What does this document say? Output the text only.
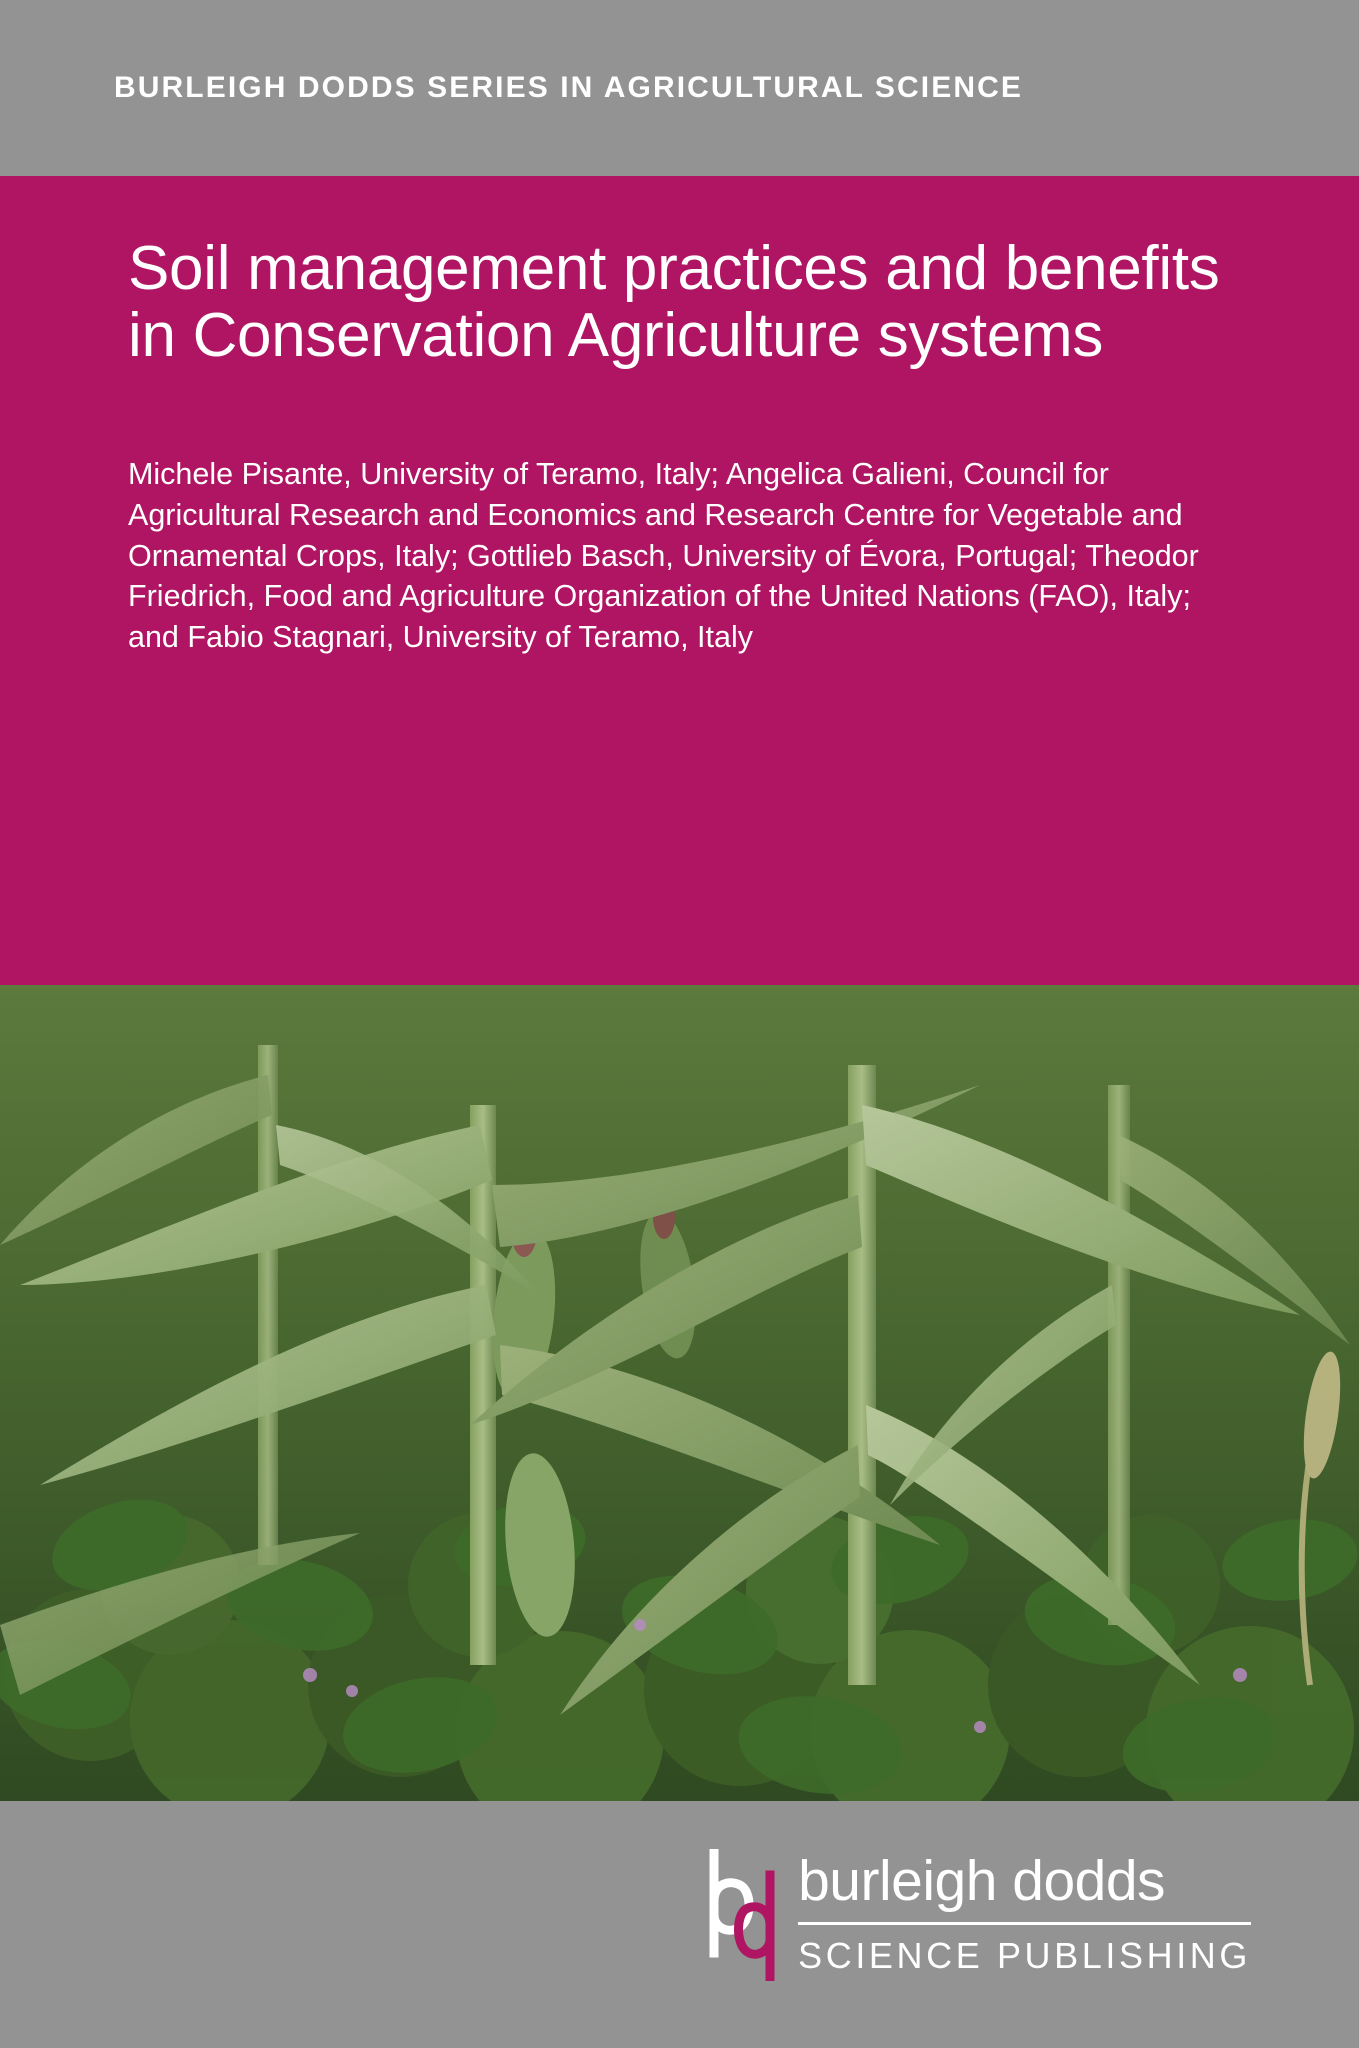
BURLEIGH DODDS SERIES IN AGRICULTURAL SCIENCE
Soil management practices and benefits in Conservation Agriculture systems
Michele Pisante, University of Teramo, Italy; Angelica Galieni, Council for Agricultural Research and Economics and Research Centre for Vegetable and Ornamental Crops, Italy; Gottlieb Basch, University of Évora, Portugal; Theodor Friedrich, Food and Agriculture Organization of the United Nations (FAO), Italy; and Fabio Stagnari, University of Teramo, Italy
burleigh dodds
SCIENCE PUBLISHING
